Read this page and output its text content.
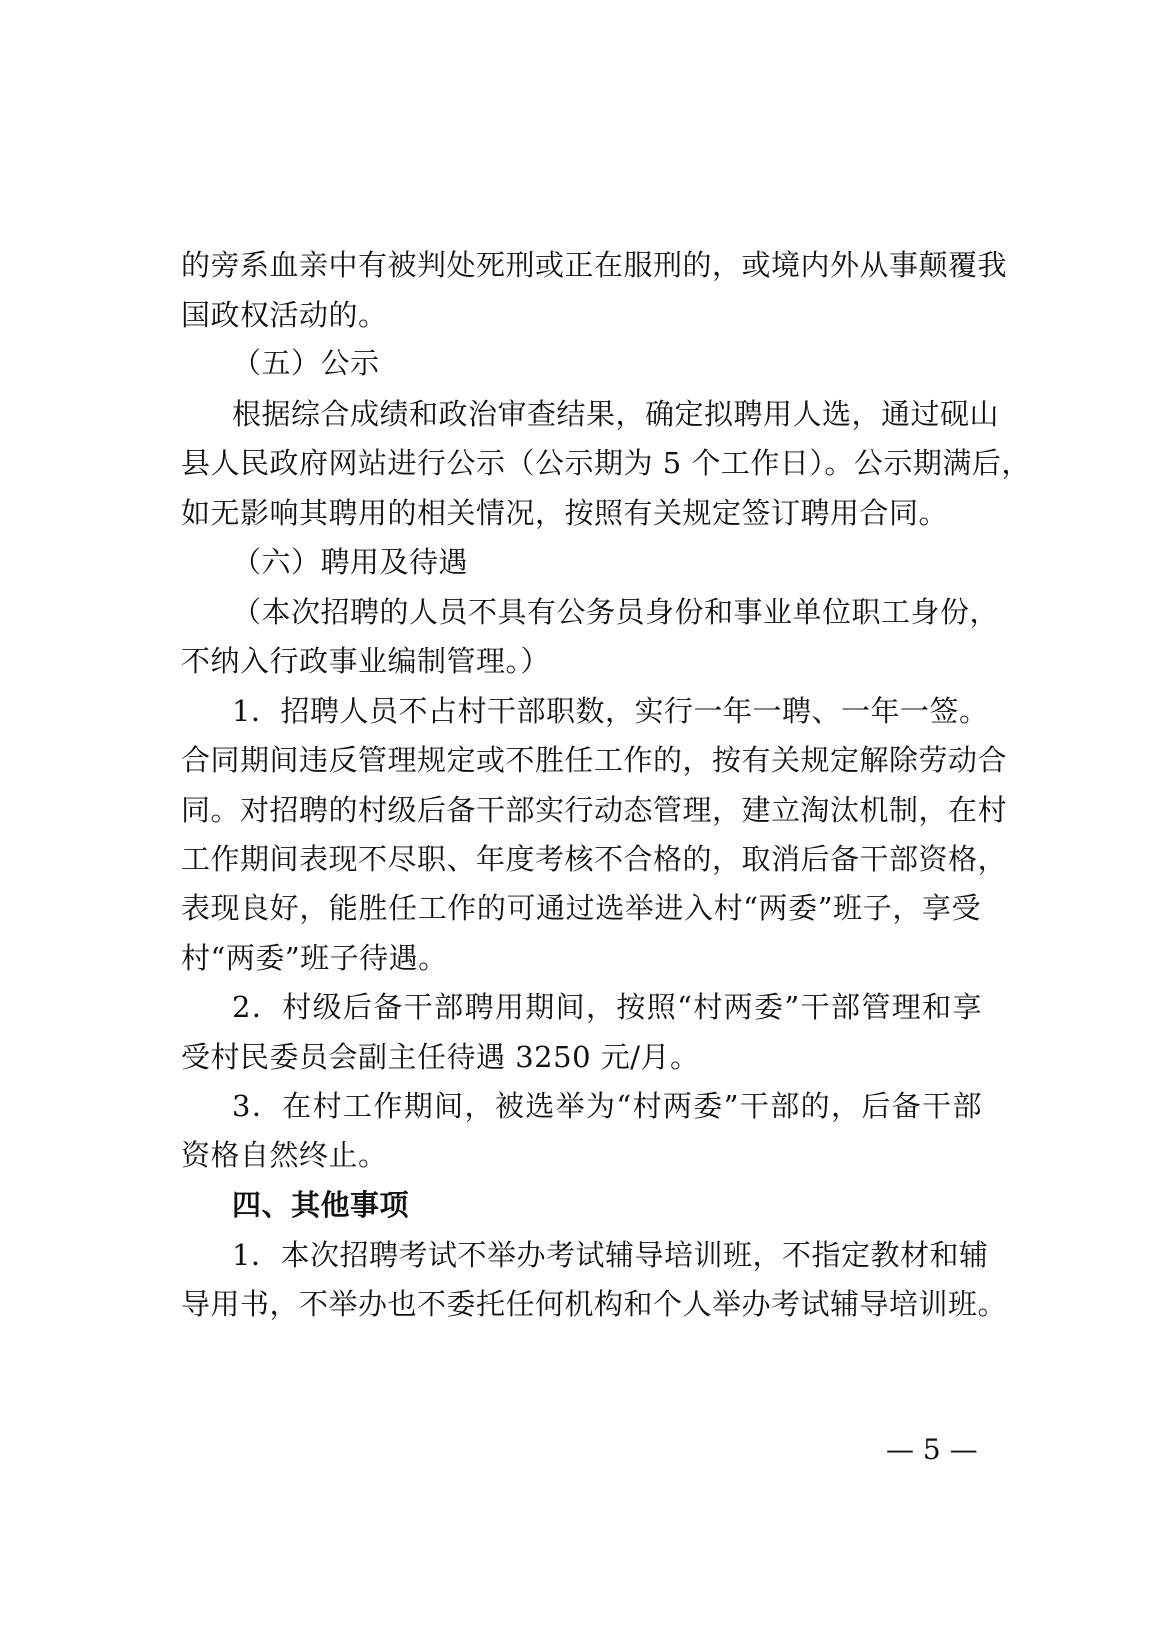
的旁系血亲中有被判处死刑或正在服刑的，或境内外从事颠覆我
国政权活动的。
（五）公示
根据综合成绩和政治审查结果，确定拟聘用人选，通过砚山
县人民政府网站进行公示（公示期为 5 个工作日）。公示期满后，
如无影响其聘用的相关情况，按照有关规定签订聘用合同。
（六）聘用及待遇
（本次招聘的人员不具有公务员身份和事业单位职工身份，
不纳入行政事业编制管理。）
1．招聘人员不占村干部职数，实行一年一聘、一年一签。
合同期间违反管理规定或不胜任工作的，按有关规定解除劳动合
同。对招聘的村级后备干部实行动态管理，建立淘汰机制，在村
工作期间表现不尽职、年度考核不合格的，取消后备干部资格，
表现良好，能胜任工作的可通过选举进入村“两委”班子，享受
村“两委”班子待遇。
2．村级后备干部聘用期间，按照“村两委”干部管理和享
受村民委员会副主任待遇 3250 元/月。
3．在村工作期间，被选举为“村两委”干部的，后备干部
资格自然终止。
四、其他事项
1．本次招聘考试不举办考试辅导培训班，不指定教材和辅
导用书，不举办也不委托任何机构和个人举办考试辅导培训班。
— 5 —
